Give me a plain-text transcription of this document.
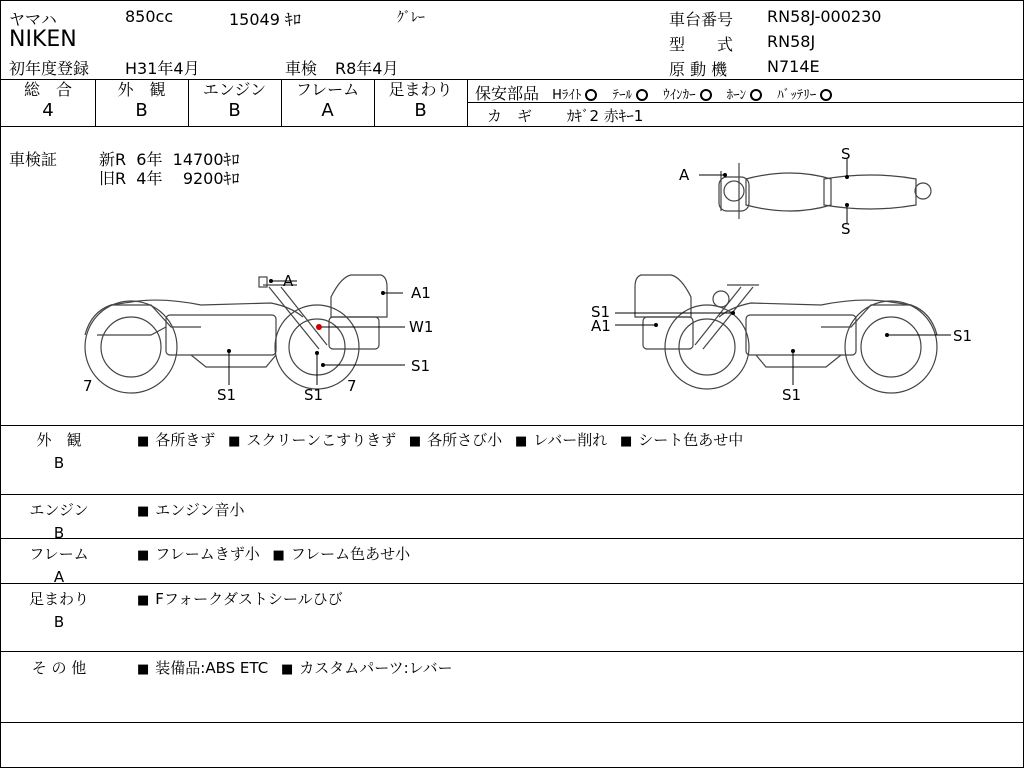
ヤマハ	850cc	15049 ｷﾛ	ｸﾞﾚｰ
NIKEN
初年度登録 H31年4月	車検 R8年4月
車台番号 RN58J-000230
型　　式 RN58J
原 動 機 N714E
総　合
4
外　観
B
エンジン
B
フレーム
A
足まわり
B
保安部品 Hﾗｲﾄ ﾃｰﾙ ｳｲﾝｶｰ ﾎｰﾝ ﾊﾞｯﾃﾘｰ
カ　ギ ｶｷﾞ2 赤ｷｰ1
車検証	新R  6年  14700ｷﾛ
旧R  4年    9200ｷﾛ	A
S
S
A
A1
W1
S1
7	S1	S1 7
S1
A1
S1
S1
外　観
B
■ 各所きず ■ スクリーンこすりきず ■ 各所さび小 ■ レバー削れ ■ シート色あせ中
エンジン
B
■ エンジン音小
フレーム
A
■ フレームきず小 ■ フレーム色あせ小
足まわり
B
■ Fフォークダストシールひび
そ の 他	■ 装備品:ABS ETC ■ カスタムパーツ:レバー
